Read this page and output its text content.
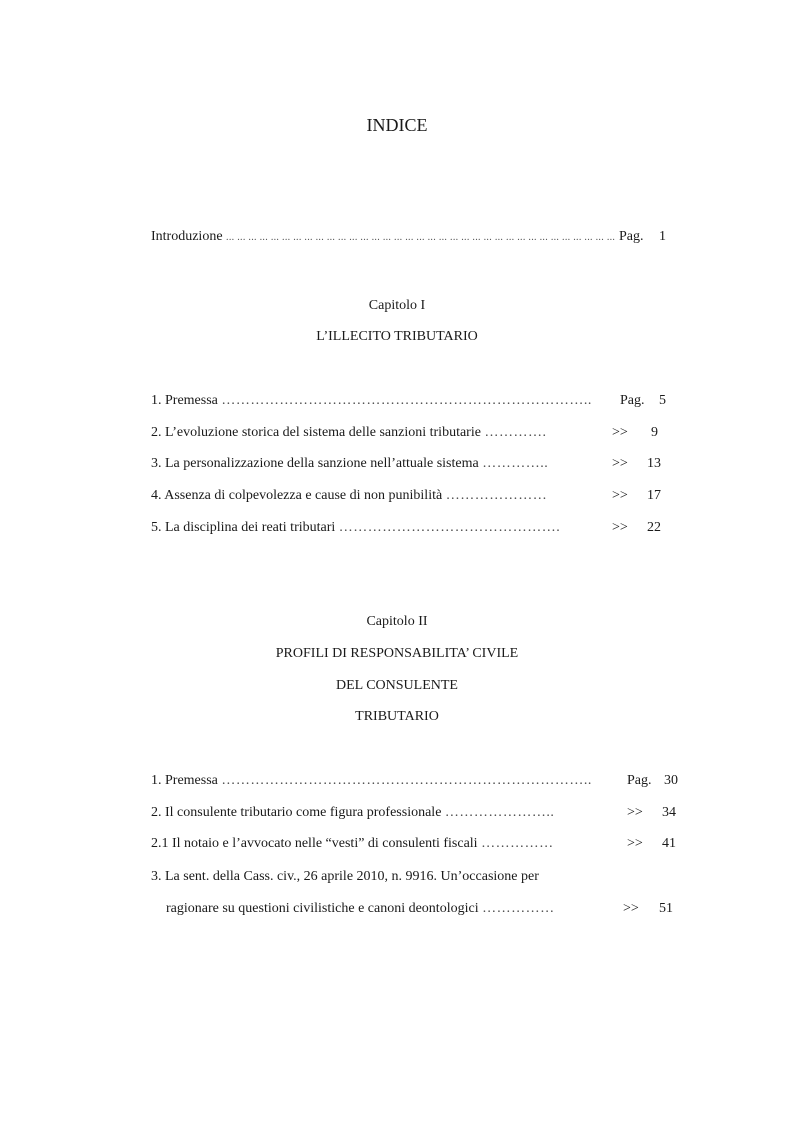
INDICE
Introduzione ... ... ... ... ... ... ... ... ... ... ... ... ... ... ... ... ... ... ... ... ... ... ... ... ... ... ... ... ... ... ... ... ... ... ... Pag. 1
Capitolo I
L’ILLECITO TRIBUTARIO
1. Premessa ………………………………………………………………….. Pag. 5
2. L’evoluzione storica del sistema delle sanzioni tributarie ………….	>> 9
3. La personalizzazione della sanzione nell’attuale sistema …………..	>> 13
4. Assenza di colpevolezza e cause di non punibilità …………………	>> 17
5. La disciplina dei reati tributari ……………………………………….	>> 22
Capitolo II
PROFILI DI RESPONSABILITA’ CIVILE
DEL CONSULENTE
TRIBUTARIO
1. Premessa …………………………………………………………………..	Pag. 30
2. Il consulente tributario come figura professionale …………………..	>> 34
2.1 Il notaio e l’avvocato nelle “vesti” di consulenti fiscali ……………	>> 41
3. La sent. della Cass. civ., 26 aprile 2010, n. 9916. Un’occasione per
ragionare su questioni civilistiche e canoni deontologici ……………	>> 51
